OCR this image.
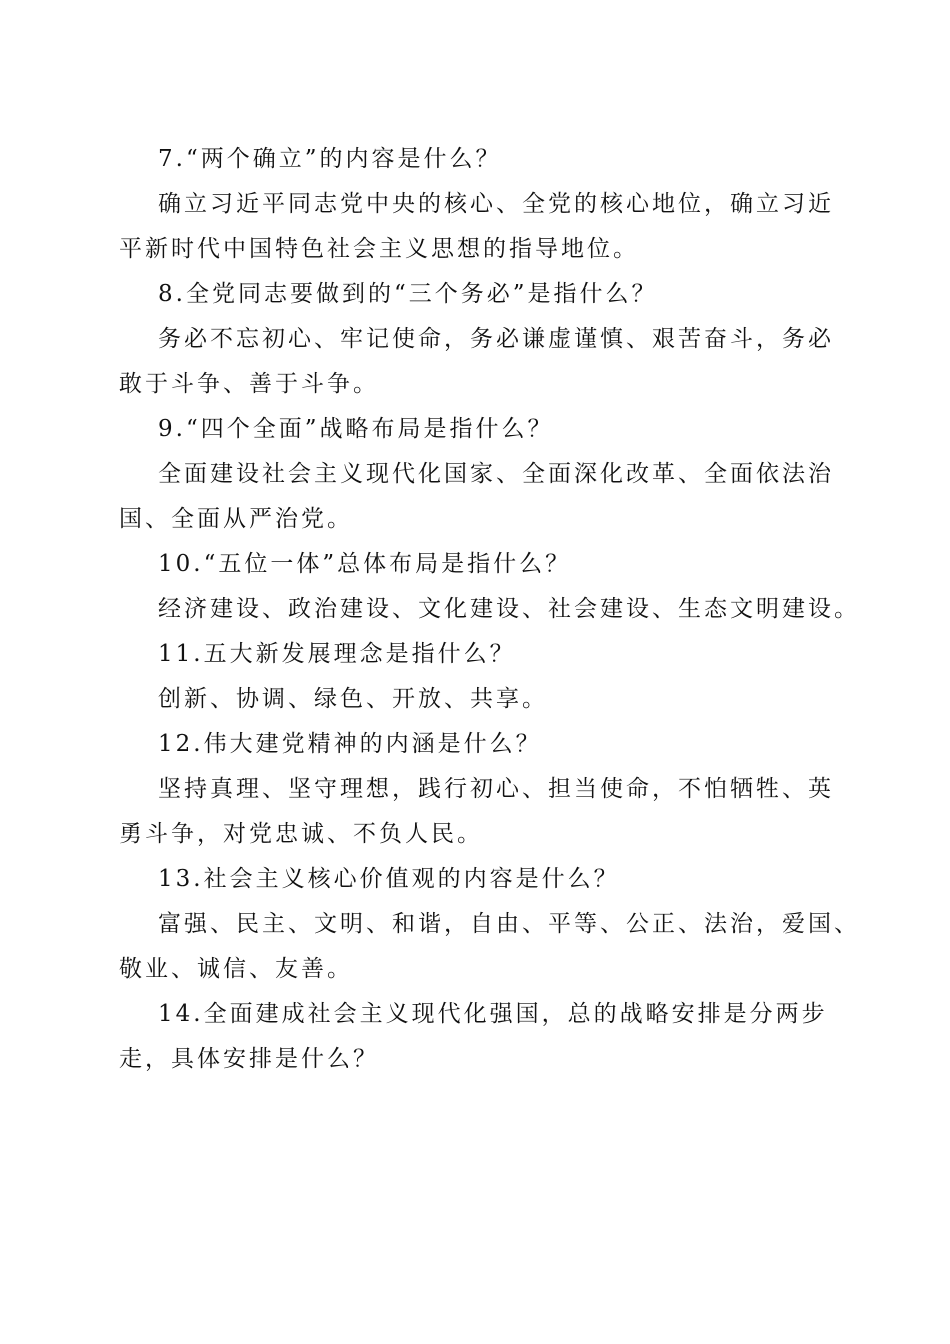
7.“两个确立”的内容是什么？
确立习近平同志党中央的核心、全党的核心地位，确立习近
平新时代中国特色社会主义思想的指导地位。
8.全党同志要做到的“三个务必”是指什么？
务必不忘初心、牢记使命，务必谦虚谨慎、艰苦奋斗，务必
敢于斗争、善于斗争。
9.“四个全面”战略布局是指什么？
全面建设社会主义现代化国家、全面深化改革、全面依法治
国、全面从严治党。
10.“五位一体”总体布局是指什么？
经济建设、政治建设、文化建设、社会建设、生态文明建设。
11.五大新发展理念是指什么？
创新、协调、绿色、开放、共享。
12.伟大建党精神的内涵是什么？
坚持真理、坚守理想，践行初心、担当使命，不怕牺牲、英
勇斗争，对党忠诚、不负人民。
13.社会主义核心价值观的内容是什么？
富强、民主、文明、和谐，自由、平等、公正、法治，爱国、
敬业、诚信、友善。
14.全面建成社会主义现代化强国，总的战略安排是分两步
走，具体安排是什么？
